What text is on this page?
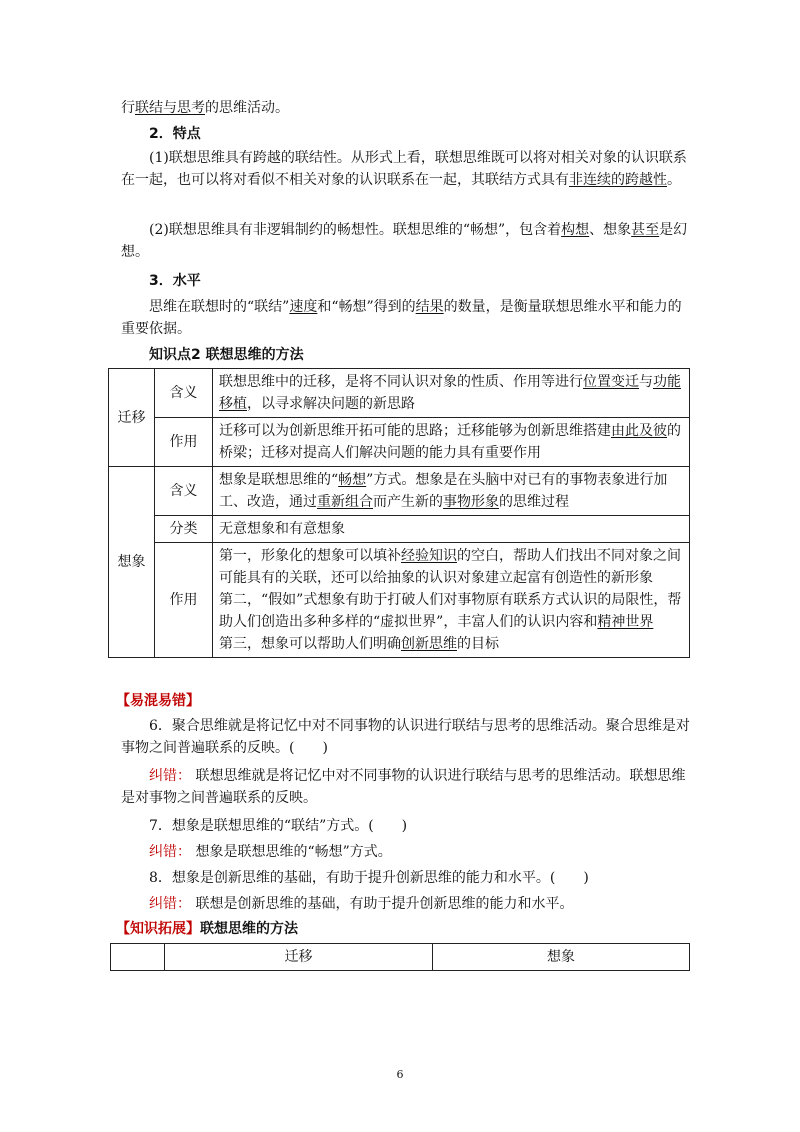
行联结与思考的思维活动。

2．特点

(1)联想思维具有跨越的联结性。从形式上看，联想思维既可以将对相关对象的认识联系在一起，也可以将对看似不相关对象的认识联系在一起，其联结方式具有非连续的跨越性。

(2)联想思维具有非逻辑制约的畅想性。联想思维的“畅想”，包含着构想、想象甚至是幻想。

3．水平

思维在联想时的“联结”速度和“畅想”得到的结果的数量，是衡量联想思维水平和能力的重要依据。

知识点2 联想思维的方法

迁移	含义	联想思维中的迁移，是将不同认识对象的性质、作用等进行位置变迁与功能移植，以寻求解决问题的新思路
	作用	迁移可以为创新思维开拓可能的思路；迁移能够为创新思维搭建由此及彼的桥梁；迁移对提高人们解决问题的能力具有重要作用
想象	含义	想象是联想思维的“畅想”方式。想象是在头脑中对已有的事物表象进行加工、改造，通过重新组合而产生新的事物形象的思维过程
	分类	无意想象和有意想象
	作用	第一，形象化的想象可以填补经验知识的空白，帮助人们找出不同对象之间可能具有的关联，还可以给抽象的认识对象建立起富有创造性的新形象
第二，“假如”式想象有助于打破人们对事物原有联系方式认识的局限性，帮助人们创造出多种多样的“虚拟世界”，丰富人们的认识内容和精神世界
第三，想象可以帮助人们明确创新思维的目标

【易混易错】

6．聚合思维就是将记忆中对不同事物的认识进行联结与思考的思维活动。聚合思维是对事物之间普遍联系的反映。(　　)

纠错： 联想思维就是将记忆中对不同事物的认识进行联结与思考的思维活动。联想思维是对事物之间普遍联系的反映。

7．想象是联想思维的“联结”方式。(　　)

纠错： 想象是联想思维的“畅想”方式。

8．想象是创新思维的基础，有助于提升创新思维的能力和水平。(　　)

纠错： 联想是创新思维的基础，有助于提升创新思维的能力和水平。

【知识拓展】联想思维的方法

	迁移	想象
6
